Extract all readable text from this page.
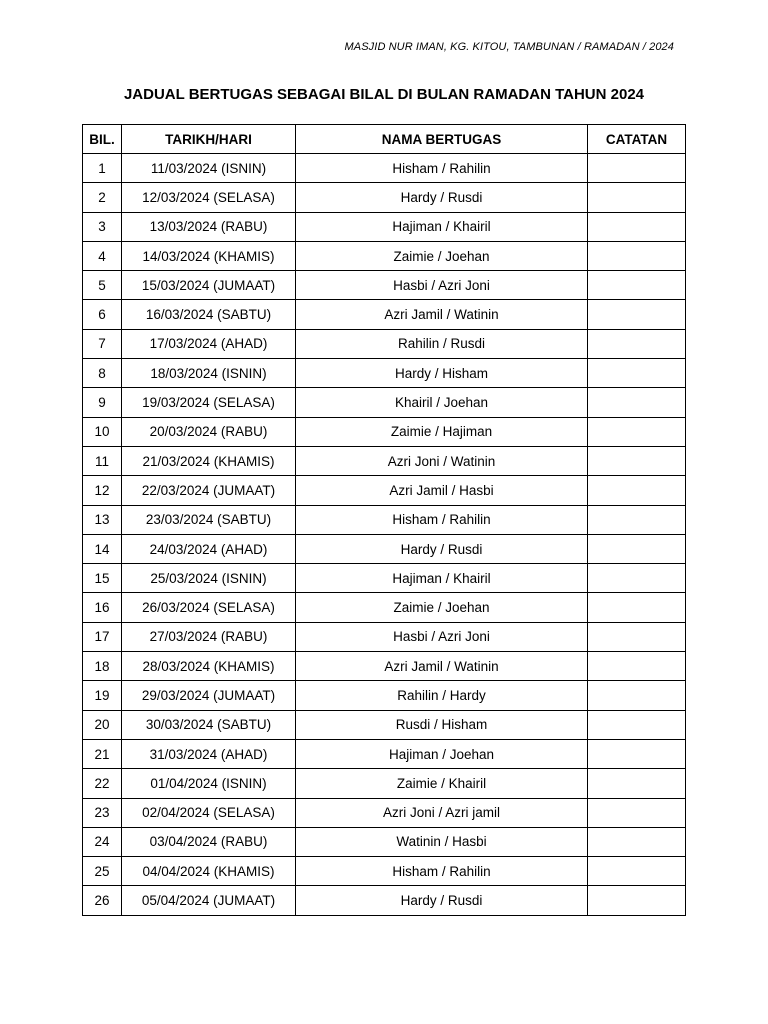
MASJID NUR IMAN, KG. KITOU, TAMBUNAN / RAMADAN / 2024
JADUAL BERTUGAS SEBAGAI BILAL DI BULAN RAMADAN TAHUN 2024
BIL.	TARIKH/HARI	NAMA BERTUGAS	CATATAN
1	11/03/2024 (ISNIN)	Hisham / Rahilin	
2	12/03/2024 (SELASA)	Hardy / Rusdi	
3	13/03/2024 (RABU)	Hajiman / Khairil	
4	14/03/2024 (KHAMIS)	Zaimie / Joehan	
5	15/03/2024 (JUMAAT)	Hasbi / Azri Joni	
6	16/03/2024 (SABTU)	Azri Jamil / Watinin	
7	17/03/2024 (AHAD)	Rahilin / Rusdi	
8	18/03/2024 (ISNIN)	Hardy / Hisham	
9	19/03/2024 (SELASA)	Khairil / Joehan	
10	20/03/2024 (RABU)	Zaimie / Hajiman	
11	21/03/2024 (KHAMIS)	Azri Joni / Watinin	
12	22/03/2024 (JUMAAT)	Azri Jamil / Hasbi	
13	23/03/2024 (SABTU)	Hisham / Rahilin	
14	24/03/2024 (AHAD)	Hardy / Rusdi	
15	25/03/2024 (ISNIN)	Hajiman / Khairil	
16	26/03/2024 (SELASA)	Zaimie / Joehan	
17	27/03/2024 (RABU)	Hasbi / Azri Joni	
18	28/03/2024 (KHAMIS)	Azri Jamil / Watinin	
19	29/03/2024 (JUMAAT)	Rahilin / Hardy	
20	30/03/2024 (SABTU)	Rusdi / Hisham	
21	31/03/2024 (AHAD)	Hajiman / Joehan	
22	01/04/2024 (ISNIN)	Zaimie / Khairil	
23	02/04/2024 (SELASA)	Azri Joni / Azri jamil	
24	03/04/2024 (RABU)	Watinin / Hasbi	
25	04/04/2024 (KHAMIS)	Hisham / Rahilin	
26	05/04/2024 (JUMAAT)	Hardy / Rusdi	
